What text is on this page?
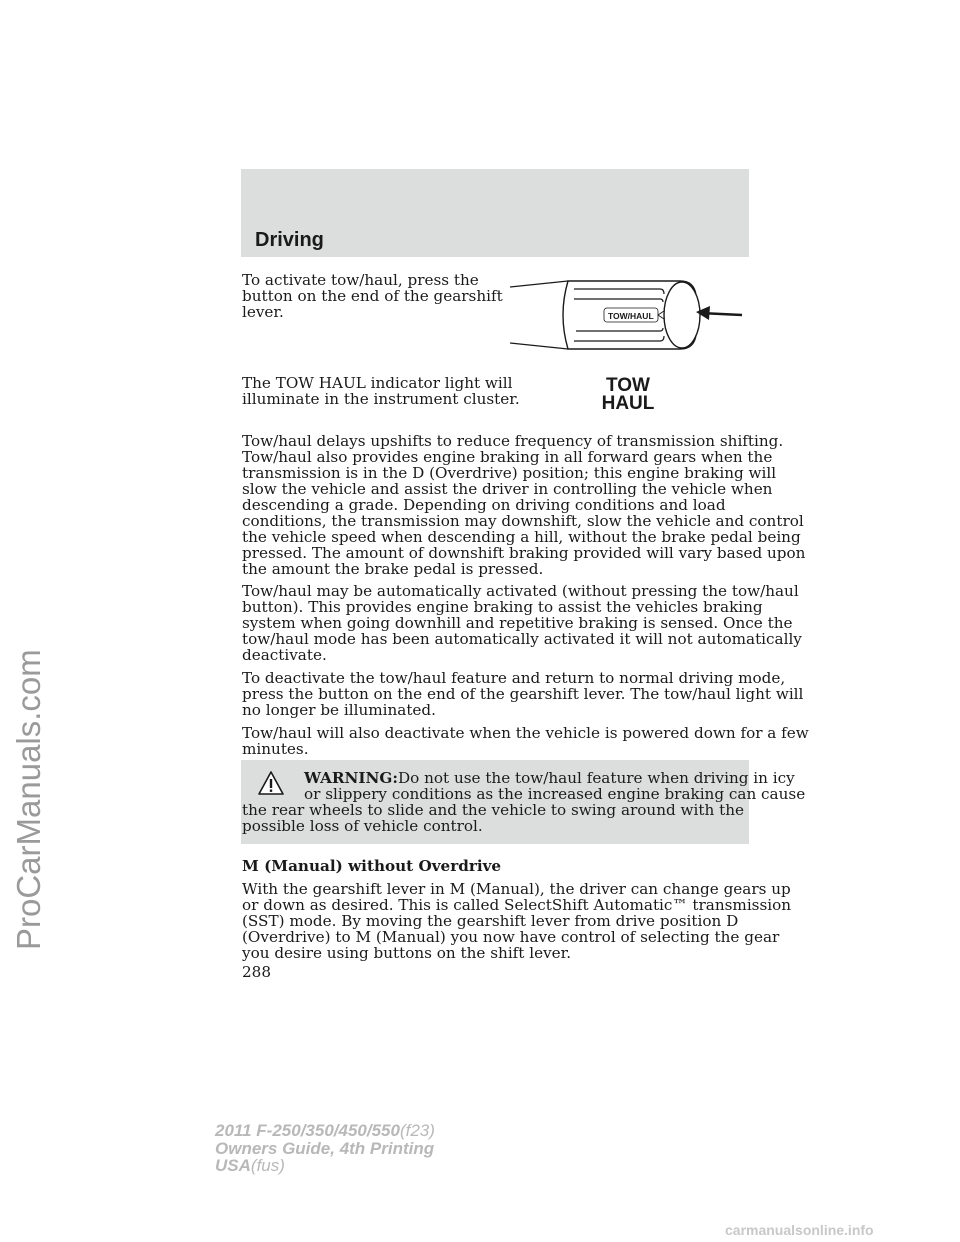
ProCarManuals.com
Driving
To activate tow/haul, press the
button on the end of the gearshift
lever.	TOW/HAUL
The TOW HAUL indicator light will
illuminate in the instrument cluster.
TOW
HAUL
Tow/haul delays upshifts to reduce frequency of transmission shifting.
Tow/haul also provides engine braking in all forward gears when the
transmission is in the D (Overdrive) position; this engine braking will
slow the vehicle and assist the driver in controlling the vehicle when
descending a grade. Depending on driving conditions and load
conditions, the transmission may downshift, slow the vehicle and control
the vehicle speed when descending a hill, without the brake pedal being
pressed. The amount of downshift braking provided will vary based upon
the amount the brake pedal is pressed.
Tow/haul may be automatically activated (without pressing the tow/haul
button). This provides engine braking to assist the vehicles braking
system when going downhill and repetitive braking is sensed. Once the
tow/haul mode has been automatically activated it will not automatically
deactivate.
To deactivate the tow/haul feature and return to normal driving mode,
press the button on the end of the gearshift lever. The tow/haul light will
no longer be illuminated.
Tow/haul will also deactivate when the vehicle is powered down for a few
minutes.
WARNING:Do not use the tow/haul feature when driving in icy
or slippery conditions as the increased engine braking can cause
the rear wheels to slide and the vehicle to swing around with the
possible loss of vehicle control.
M (Manual) without Overdrive
With the gearshift lever in M (Manual), the driver can change gears up
or down as desired. This is called SelectShift Automatic™ transmission
(SST) mode. By moving the gearshift lever from drive position D
(Overdrive) to M (Manual) you now have control of selecting the gear
you desire using buttons on the shift lever.
288
2011 F-250/350/450/550(f23)
Owners Guide, 4th Printing
USA(fus)
carmanualsonline.info
